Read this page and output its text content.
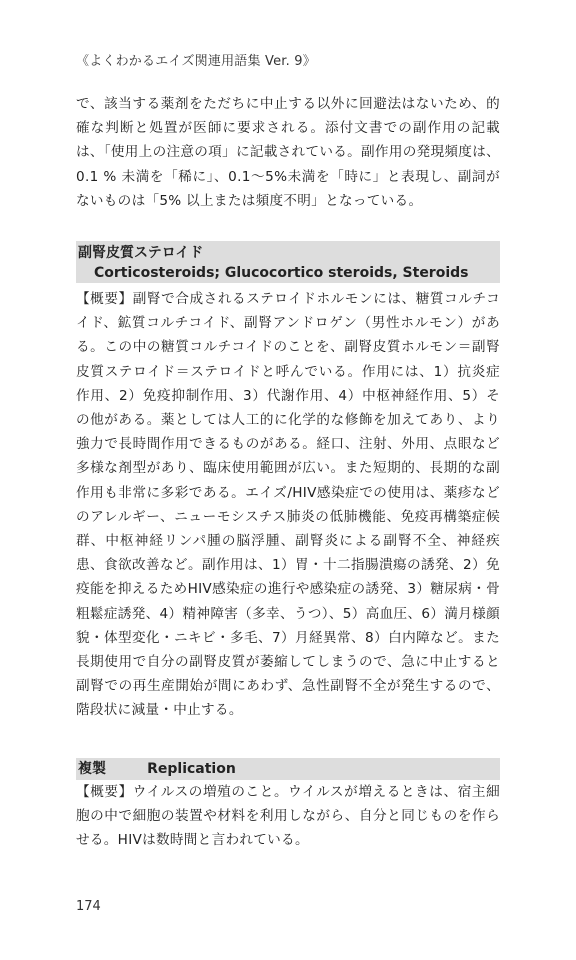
《よくわかるエイズ関連用語集 Ver. 9》
で、該当する薬剤をただちに中止する以外に回避法はないため、的確な判断と処置が医師に要求される。添付文書での副作用の記載は、「使用上の注意の項」に記載されている。副作用の発現頻度は、0.1 % 未満を「稀に」、0.1〜5%未満を「時に」と表現し、副詞がないものは「5% 以上または頻度不明」となっている。
副腎皮質ステロイド
Corticosteroids; Glucocortico steroids, Steroids
【概要】副腎で合成されるステロイドホルモンには、糖質コルチコイド、鉱質コルチコイド、副腎アンドロゲン（男性ホルモン）がある。この中の糖質コルチコイドのことを、副腎皮質ホルモン＝副腎皮質ステロイド＝ステロイドと呼んでいる。作用には、1）抗炎症作用、2）免疫抑制作用、3）代謝作用、4）中枢神経作用、5）その他がある。薬としては人工的に化学的な修飾を加えてあり、より強力で長時間作用できるものがある。経口、注射、外用、点眼など多様な剤型があり、臨床使用範囲が広い。また短期的、長期的な副作用も非常に多彩である。エイズ/HIV感染症での使用は、薬疹などのアレルギー、ニューモシスチス肺炎の低肺機能、免疫再構築症候群、中枢神経リンパ腫の脳浮腫、副腎炎による副腎不全、神経疾患、食欲改善など。副作用は、1）胃・十二指腸潰瘍の誘発、2）免疫能を抑えるためHIV感染症の進行や感染症の誘発、3）糖尿病・骨粗鬆症誘発、4）精神障害（多幸、うつ）、5）高血圧、6）満月様顔貌・体型変化・ニキビ・多毛、7）月経異常、8）白内障など。また長期使用で自分の副腎皮質が萎縮してしまうので、急に中止すると副腎での再生産開始が間にあわず、急性副腎不全が発生するので、階段状に減量・中止する。
複製	Replication
【概要】ウイルスの増殖のこと。ウイルスが増えるときは、宿主細胞の中で細胞の装置や材料を利用しながら、自分と同じものを作らせる。HIVは数時間と言われている。
174
